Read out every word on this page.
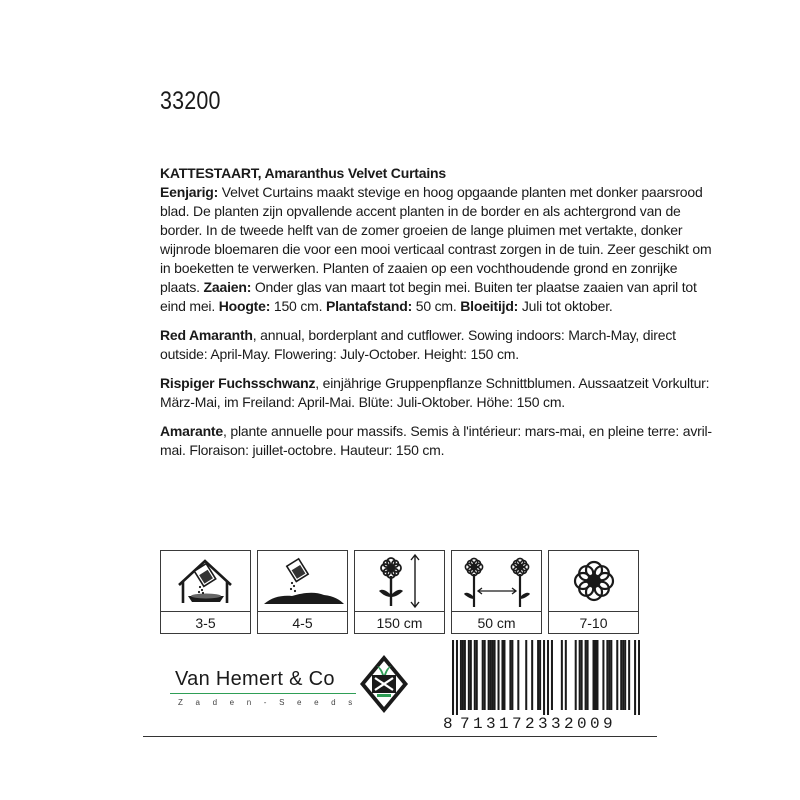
33200

KATTESTAART, Amaranthus Velvet Curtains
Eenjarig: Velvet Curtains maakt stevige en hoog opgaande planten met donker paarsrood blad. De planten zijn opvallende accent planten in de border en als achtergrond van de border. In de tweede helft van de zomer groeien de lange pluimen met vertakte, donker wijnrode bloemaren die voor een mooi verticaal contrast zorgen in de tuin. Zeer geschikt om in boeketten te verwerken. Planten of zaaien op een vochthoudende grond en zonrijke plaats. Zaaien: Onder glas van maart tot begin mei. Buiten ter plaatse zaaien van april tot eind mei. Hoogte: 150 cm. Plantafstand: 50 cm. Bloeitijd: Juli tot oktober.

Red Amaranth, annual, borderplant and cutflower. Sowing indoors: March-May, direct outside: April-May. Flowering: July-October. Height: 150 cm.

Rispiger Fuchsschwanz, einjährige Gruppenpflanze Schnittblumen. Aussaatzeit Vorkultur: März-Mai, im Freiland: April-Mai. Blüte: Juli-Oktober. Höhe: 150 cm.

Amarante, plante annuelle pour massifs. Semis à l'intérieur: mars-mai, en pleine terre: avril-mai. Floraison: juillet-octobre. Hauteur: 150 cm.

3-5	4-5	150 cm	50 cm	7-10
Van Hemert & Co
Z a d e n - S e e d s
8 713172332009
